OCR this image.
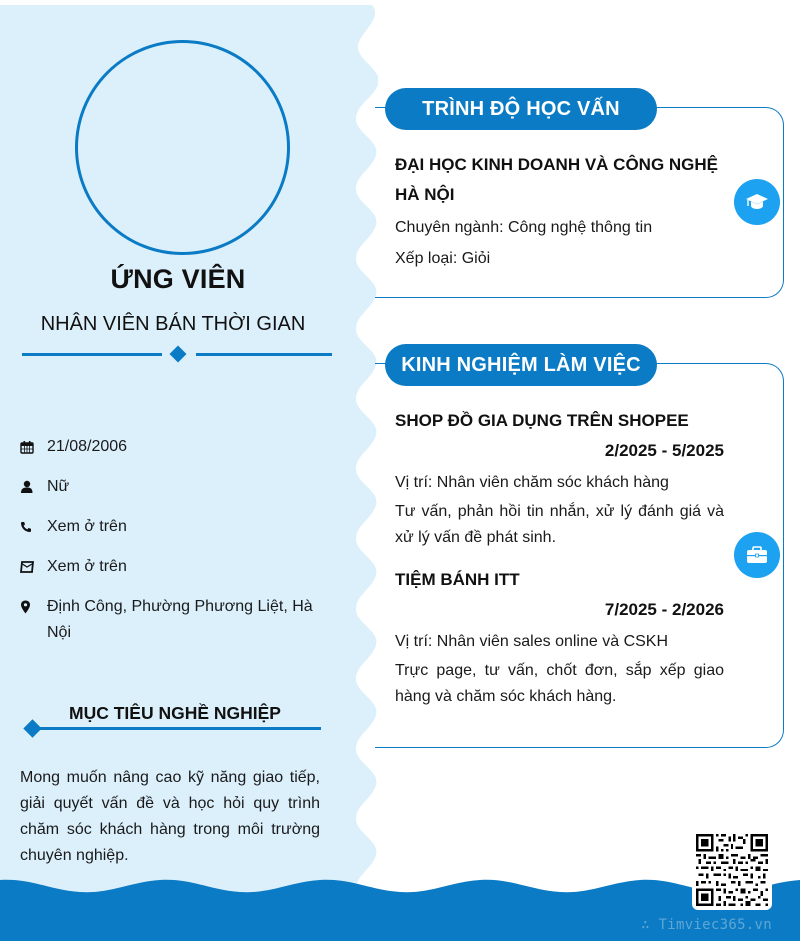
ỨNG VIÊN
NHÂN VIÊN BÁN THỜI GIAN
21/08/2006
Nữ
Xem ở trên
Xem ở trên
Định Công, Phường Phương Liệt, Hà Nội
MỤC TIÊU NGHỀ NGHIỆP
Mong muốn nâng cao kỹ năng giao tiếp, giải quyết vấn đề và học hỏi quy trình chăm sóc khách hàng trong môi trường chuyên nghiệp.
TRÌNH ĐỘ HỌC VẤN
ĐẠI HỌC KINH DOANH VÀ CÔNG NGHỆ HÀ NỘI
Chuyên ngành: Công nghệ thông tin
Xếp loại: Giỏi
KINH NGHIỆM LÀM VIỆC
SHOP ĐỒ GIA DỤNG TRÊN SHOPEE
2/2025 - 5/2025
Vị trí: Nhân viên chăm sóc khách hàng
Tư vấn, phản hồi tin nhắn, xử lý đánh giá và xử lý vấn đề phát sinh.
TIỆM BÁNH ITT
7/2025 - 2/2026
Vị trí: Nhân viên sales online và CSKH
Trực page, tư vấn, chốt đơn, sắp xếp giao hàng và chăm sóc khách hàng.
∴ Timviec365.vn
